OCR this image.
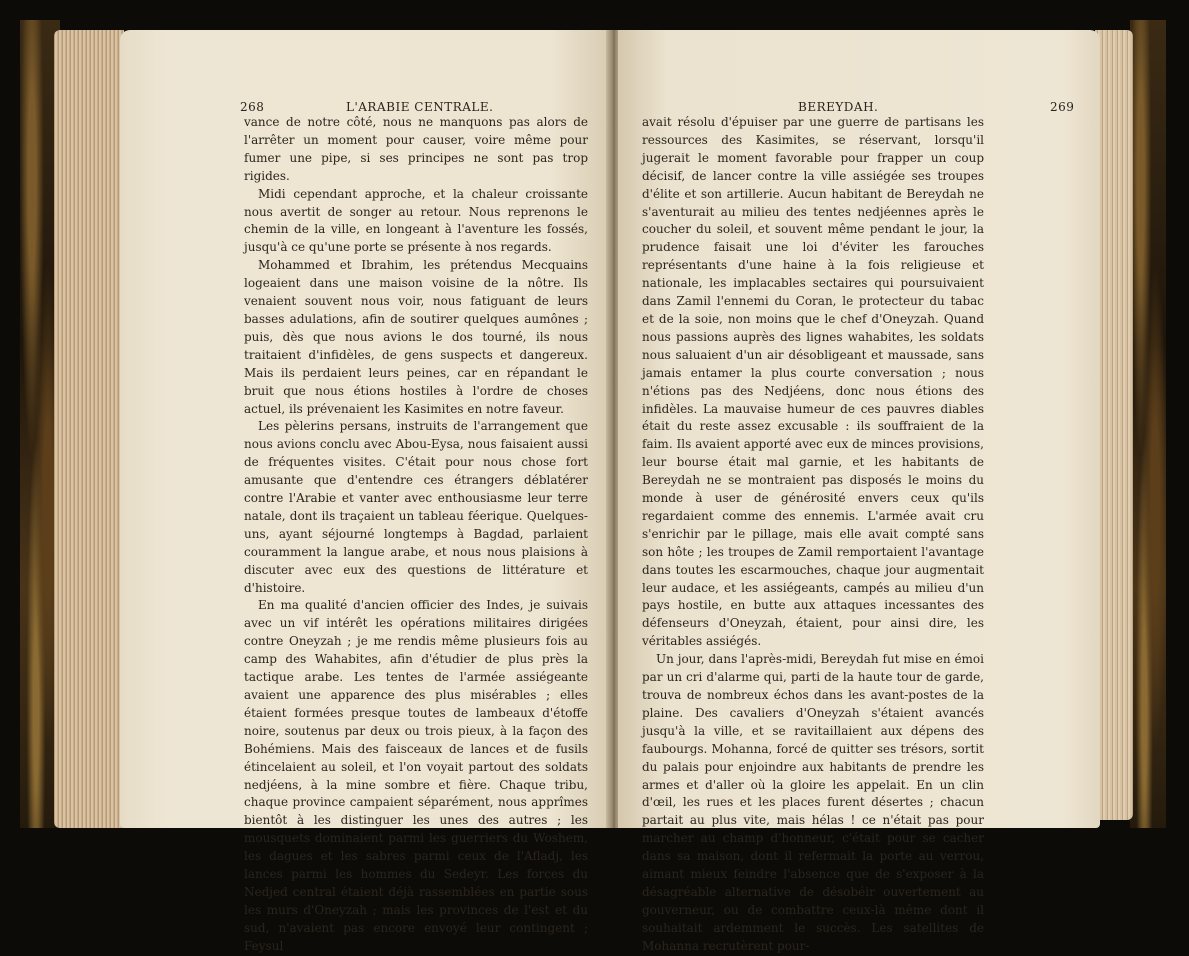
268	L'ARABIE CENTRALE.

vance de notre côté, nous ne manquons pas alors de l'arrêter un moment pour causer, voire même pour fumer une pipe, si ses principes ne sont pas trop rigides.

Midi cependant approche, et la chaleur croissante nous avertit de songer au retour. Nous reprenons le chemin de la ville, en longeant à l'aventure les fossés, jusqu'à ce qu'une porte se présente à nos regards.

Mohammed et Ibrahim, les prétendus Mecquains logeaient dans une maison voisine de la nôtre. Ils venaient souvent nous voir, nous fatiguant de leurs basses adulations, afin de soutirer quelques aumônes ; puis, dès que nous avions le dos tourné, ils nous traitaient d'infidèles, de gens suspects et dangereux. Mais ils perdaient leurs peines, car en répandant le bruit que nous étions hostiles à l'ordre de choses actuel, ils prévenaient les Kasimites en notre faveur.

Les pèlerins persans, instruits de l'arrangement que nous avions conclu avec Abou-Eysa, nous faisaient aussi de fréquentes visites. C'était pour nous chose fort amusante que d'entendre ces étrangers déblatérer contre l'Arabie et vanter avec enthousiasme leur terre natale, dont ils traçaient un tableau féerique. Quelques-uns, ayant séjourné longtemps à Bagdad, parlaient couramment la langue arabe, et nous nous plaisions à discuter avec eux des questions de littérature et d'histoire.

En ma qualité d'ancien officier des Indes, je suivais avec un vif intérêt les opérations militaires dirigées contre Oneyzah ; je me rendis même plusieurs fois au camp des Wahabites, afin d'étudier de plus près la tactique arabe. Les tentes de l'armée assiégeante avaient une apparence des plus misérables ; elles étaient formées presque toutes de lambeaux d'étoffe noire, soutenus par deux ou trois pieux, à la façon des Bohémiens. Mais des faisceaux de lances et de fusils étincelaient au soleil, et l'on voyait partout des soldats nedjéens, à la mine sombre et fière. Chaque tribu, chaque province campaient séparément, nous apprîmes bientôt à les distinguer les unes des autres ; les mousquets dominaient parmi les guerriers du Woshem, les dagues et les sabres parmi ceux de l'Afladj, les lances parmi les hommes du Sedeyr. Les forces du Nedjed central étaient déjà rassemblées en partie sous les murs d'Oneyzah ; mais les provinces de l'est et du sud, n'avaient pas encore envoyé leur contingent ; Feysul

BEREYDAH.	269

avait résolu d'épuiser par une guerre de partisans les ressources des Kasimites, se réservant, lorsqu'il jugerait le moment favorable pour frapper un coup décisif, de lancer contre la ville assiégée ses troupes d'élite et son artillerie. Aucun habitant de Bereydah ne s'aventurait au milieu des tentes nedjéennes après le coucher du soleil, et souvent même pendant le jour, la prudence faisait une loi d'éviter les farouches représentants d'une haine à la fois religieuse et nationale, les implacables sectaires qui poursuivaient dans Zamil l'ennemi du Coran, le protecteur du tabac et de la soie, non moins que le chef d'Oneyzah. Quand nous passions auprès des lignes wahabites, les soldats nous saluaient d'un air désobligeant et maussade, sans jamais entamer la plus courte conversation ; nous n'étions pas des Nedjéens, donc nous étions des infidèles. La mauvaise humeur de ces pauvres diables était du reste assez excusable : ils souffraient de la faim. Ils avaient apporté avec eux de minces provisions, leur bourse était mal garnie, et les habitants de Bereydah ne se montraient pas disposés le moins du monde à user de générosité envers ceux qu'ils regardaient comme des ennemis. L'armée avait cru s'enrichir par le pillage, mais elle avait compté sans son hôte ; les troupes de Zamil remportaient l'avantage dans toutes les escarmouches, chaque jour augmentait leur audace, et les assiégeants, campés au milieu d'un pays hostile, en butte aux attaques incessantes des défenseurs d'Oneyzah, étaient, pour ainsi dire, les véritables assiégés.

Un jour, dans l'après-midi, Bereydah fut mise en émoi par un cri d'alarme qui, parti de la haute tour de garde, trouva de nombreux échos dans les avant-postes de la plaine. Des cavaliers d'Oneyzah s'étaient avancés jusqu'à la ville, et se ravitaillaient aux dépens des faubourgs. Mohanna, forcé de quitter ses trésors, sortit du palais pour enjoindre aux habitants de prendre les armes et d'aller où la gloire les appelait. En un clin d'œil, les rues et les places furent désertes ; chacun partait au plus vite, mais hélas ! ce n'était pas pour marcher au champ d'honneur, c'était pour se cacher dans sa maison, dont il refermait la porte au verrou, aimant mieux feindre l'absence que de s'exposer à la désagréable alternative de désobéir ouvertement au gouverneur, ou de combattre ceux-là même dont il souhaitait ardemment le succès. Les satellites de Mohanna recrutèrent pour-
